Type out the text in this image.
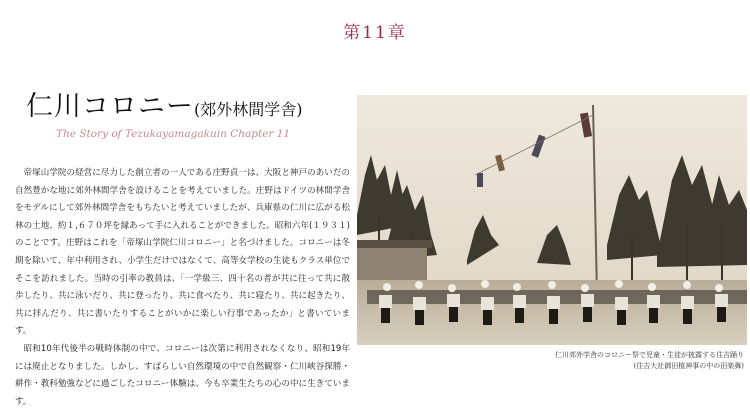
第11章
仁川コロニー(郊外林間学舎)
The Story of Tezukayamagakuin Chapter 11

帝塚山学院の経営に尽力した創立者の一人である庄野貞一は、大阪と神戸のあいだの自然豊かな地に郊外林間学舎を設けることを考えていました。庄野はドイツの林間学舎をモデルにして郊外林間学舎をもちたいと考えていましたが、兵庫県の仁川に広がる松林の土地、約１,６７０坪を縁あって手に入れることができました。昭和六年(１９３１)のことです。庄野はこれを「帝塚山学院仁川コロニー」と名づけました。コロニーは冬期を除いて、年中利用され、小学生だけではなくて、高等女学校の生徒もクラス単位でそこを訪れました。当時の引率の教員は、「一学級三、四十名の者が共に往って共に散歩したり、共に泳いだり、共に登ったり、共に食べたり、共に寝たり、共に起きたり、共に拝んだり、共に書いたりすることがいかに楽しい行事であったか」と書いています。

昭和10年代後半の戦時体制の中で、コロニーは次第に利用されなくなり、昭和19年には廃止となりました。しかし、すばらしい自然環境の中で自然観察・仁川峡谷探勝・耕作・教科勉強などに過ごしたコロニー体験は、今も卒業生たちの心の中に生きています。

仁川郊外学舎のコロニー祭で児童・生徒が披露する住吉踊り
(住吉大社御田植神事の中の田楽舞)
